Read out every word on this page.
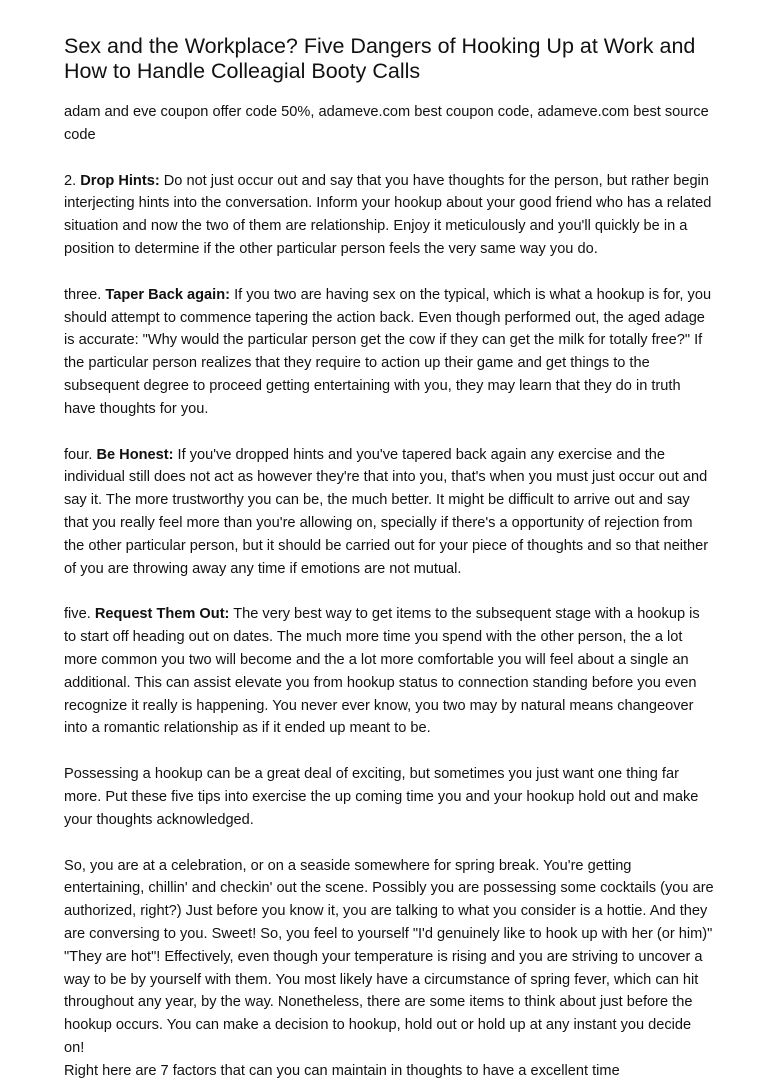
Sex and the Workplace? Five Dangers of Hooking Up at Work and How to Handle Colleagial Booty Calls

adam and eve coupon offer code 50%, adameve.com best coupon code, adameve.com best source code

2. Drop Hints: Do not just occur out and say that you have thoughts for the person, but rather begin interjecting hints into the conversation. Inform your hookup about your good friend who has a related situation and now the two of them are relationship. Enjoy it meticulously and you'll quickly be in a position to determine if the other particular person feels the very same way you do.

three. Taper Back again: If you two are having sex on the typical, which is what a hookup is for, you should attempt to commence tapering the action back. Even though performed out, the aged adage is accurate: "Why would the particular person get the cow if they can get the milk for totally free?" If the particular person realizes that they require to action up their game and get things to the subsequent degree to proceed getting entertaining with you, they may learn that they do in truth have thoughts for you.

four. Be Honest: If you've dropped hints and you've tapered back again any exercise and the individual still does not act as however they're that into you, that's when you must just occur out and say it. The more trustworthy you can be, the much better. It might be difficult to arrive out and say that you really feel more than you're allowing on, specially if there's a opportunity of rejection from the other particular person, but it should be carried out for your piece of thoughts and so that neither of you are throwing away any time if emotions are not mutual.

five. Request Them Out: The very best way to get items to the subsequent stage with a hookup is to start off heading out on dates. The much more time you spend with the other person, the a lot more common you two will become and the a lot more comfortable you will feel about a single an additional. This can assist elevate you from hookup status to connection standing before you even recognize it really is happening. You never ever know, you two may by natural means changeover into a romantic relationship as if it ended up meant to be.

Possessing a hookup can be a great deal of exciting, but sometimes you just want one thing far more. Put these five tips into exercise the up coming time you and your hookup hold out and make your thoughts acknowledged.

So, you are at a celebration, or on a seaside somewhere for spring break. You're getting entertaining, chillin' and checkin' out the scene. Possibly you are possessing some cocktails (you are authorized, right?) Just before you know it, you are talking to what you consider is a hottie. And they are conversing to you. Sweet! So, you feel to yourself "I'd genuinely like to hook up with her (or him)" "They are hot"! Effectively, even though your temperature is rising and you are striving to uncover a way to be by yourself with them. You most likely have a circumstance of spring fever, which can hit throughout any year, by the way. Nonetheless, there are some items to think about just before the hookup occurs. You can make a decision to hookup, hold out or hold up at any instant you decide on!

Right here are 7 factors that can you can maintain in thoughts to have a excellent time
